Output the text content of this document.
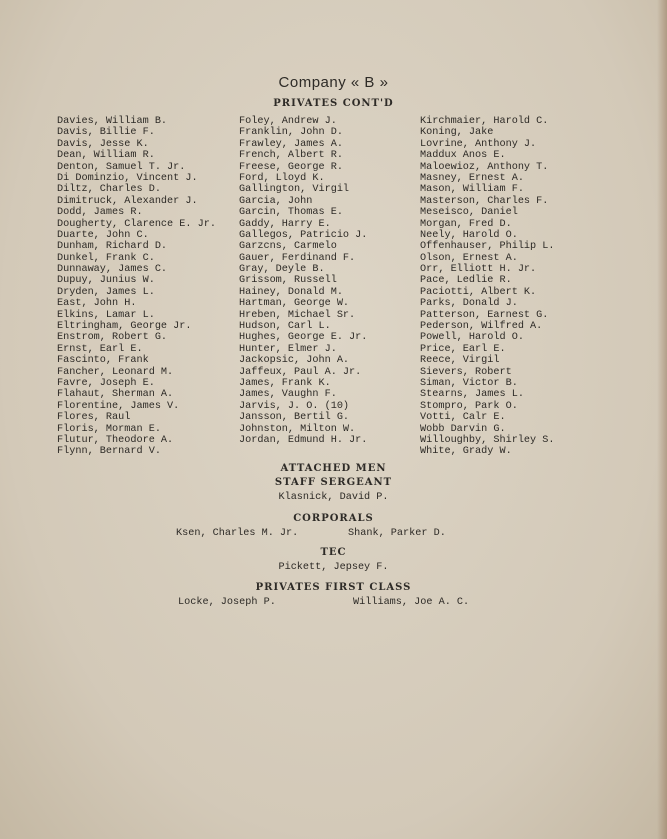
Company « B »
PRIVATES CONT'D
Davies, William B.
Davis, Billie F.
Davis, Jesse K.
Dean, William R.
Denton, Samuel T. Jr.
Di Dominzio, Vincent J.
Diltz, Charles D.
Dimitruck, Alexander J.
Dodd, James R.
Dougherty, Clarence E. Jr.
Duarte, John C.
Dunham, Richard D.
Dunkel, Frank C.
Dunnaway, James C.
Dupuy, Junius W.
Dryden, James L.
East, John H.
Elkins, Lamar L.
Eltringham, George Jr.
Enstrom, Robert G.
Ernst, Earl E.
Fascinto, Frank
Fancher, Leonard M.
Favre, Joseph E.
Flahaut, Sherman A.
Florentine, James V.
Flores, Raul
Floris, Morman E.
Flutur, Theodore A.
Flynn, Bernard V.
Foley, Andrew J.
Franklin, John D.
Frawley, James A.
French, Albert R.
Freese, George R.
Ford, Lloyd K.
Gallington, Virgil
Garcia, John
Garcin, Thomas E.
Gaddy, Harry E.
Gallegos, Patricio J.
Garzcns, Carmelo
Gauer, Ferdinand F.
Gray, Deyle B.
Grissom, Russell
Hainey, Donald M.
Hartman, George W.
Hreben, Michael Sr.
Hudson, Carl L.
Hughes, George E. Jr.
Hunter, Elmer J.
Jackopsic, John A.
Jaffeux, Paul A. Jr.
James, Frank K.
James, Vaughn F.
Jarvis, J. O. (10)
Jansson, Bertil G.
Johnston, Milton W.
Jordan, Edmund H. Jr.
Kirchmaier, Harold C.
Koning, Jake
Lovrine, Anthony J.
Maddux Anos E.
Maloewioz, Anthony T.
Masney, Ernest A.
Mason, William F.
Masterson, Charles F.
Meseisco, Daniel
Morgan, Fred D.
Neely, Harold O.
Offenhauser, Philip L.
Olson, Ernest A.
Orr, Elliott H. Jr.
Pace, Ledlie R.
Paciotti, Albert K.
Parks, Donald J.
Patterson, Earnest G.
Pederson, Wilfred A.
Powell, Harold O.
Price, Earl E.
Reece, Virgil
Sievers, Robert
Siman, Victor B.
Stearns, James L.
Stompro, Park O.
Votti, Calr E.
Wobb Darvin G.
Willoughby, Shirley S.
White, Grady W.
ATTACHED MEN
STAFF SERGEANT
Klasnick, David P.
CORPORALS
Ksen, Charles M. Jr.	Shank, Parker D.
TEC
Pickett, Jepsey F.
PRIVATES FIRST CLASS
Locke, Joseph P.	Williams, Joe A. C.
